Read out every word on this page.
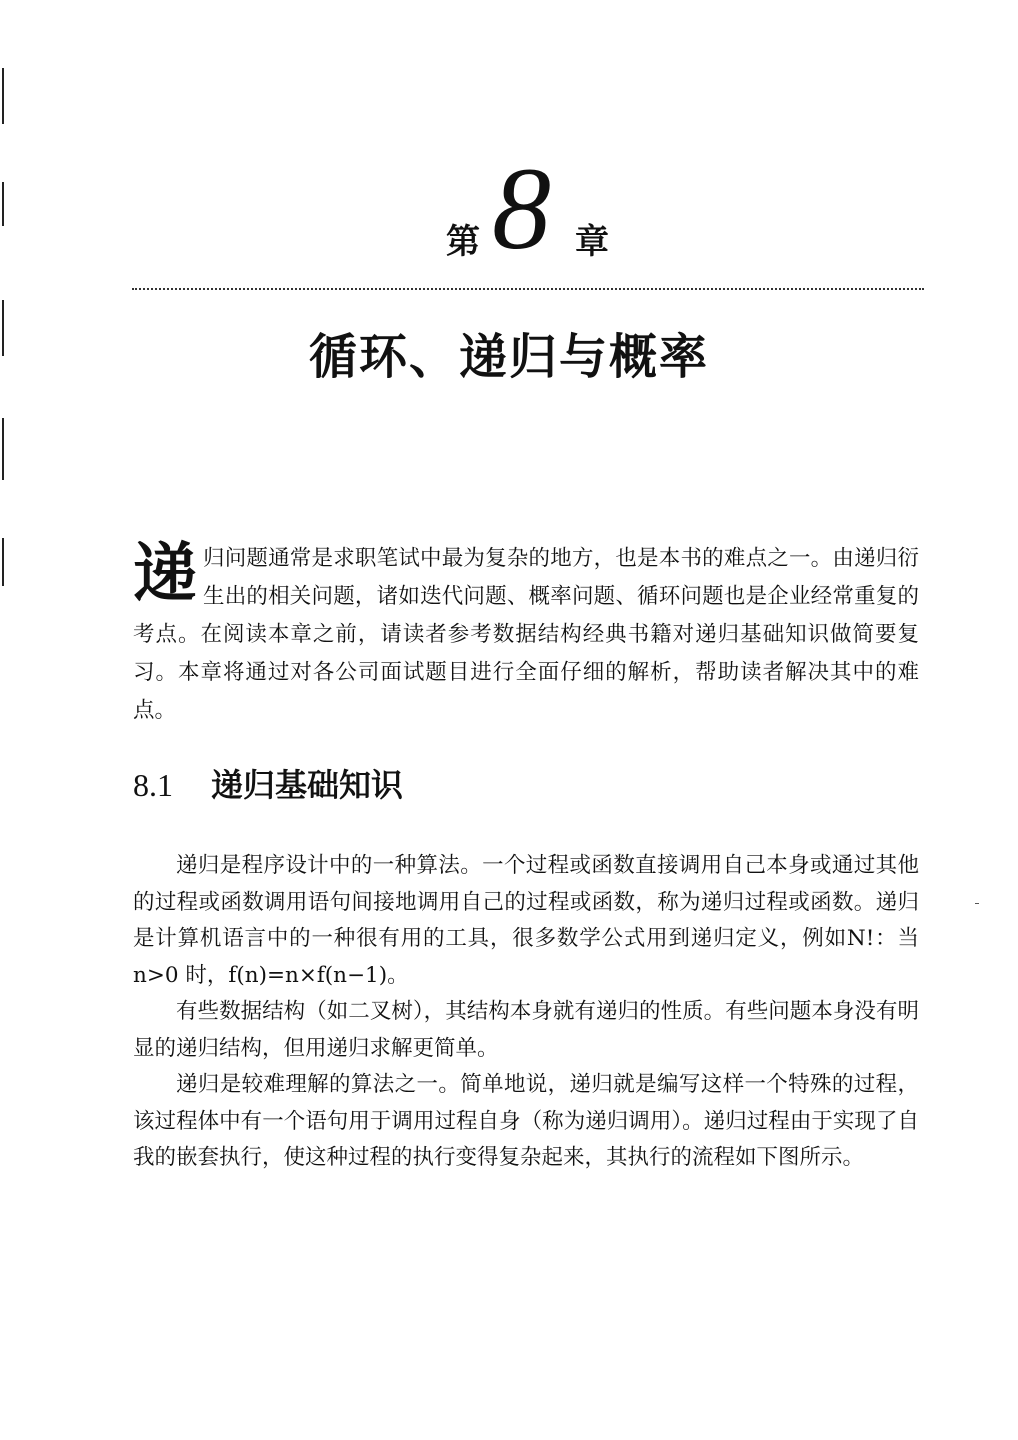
第 8 章
循环、递归与概率
递归问题通常是求职笔试中最为复杂的地方，也是本书的难点之一。由递归衍生出的相关问题，诸如迭代问题、概率问题、循环问题也是企业经常重复的考点。在阅读本章之前，请读者参考数据结构经典书籍对递归基础知识做简要复习。本章将通过对各公司面试题目进行全面仔细的解析，帮助读者解决其中的难点。
8.1 递归基础知识

递归是程序设计中的一种算法。一个过程或函数直接调用自己本身或通过其他的过程或函数调用语句间接地调用自己的过程或函数，称为递归过程或函数。递归是计算机语言中的一种很有用的工具，很多数学公式用到递归定义，例如N!：当 n>0 时，f(n)=n×f(n−1)。

有些数据结构（如二叉树），其结构本身就有递归的性质。有些问题本身没有明显的递归结构，但用递归求解更简单。

递归是较难理解的算法之一。简单地说，递归就是编写这样一个特殊的过程，该过程体中有一个语句用于调用过程自身（称为递归调用）。递归过程由于实现了自我的嵌套执行，使这种过程的执行变得复杂起来，其执行的流程如下图所示。
